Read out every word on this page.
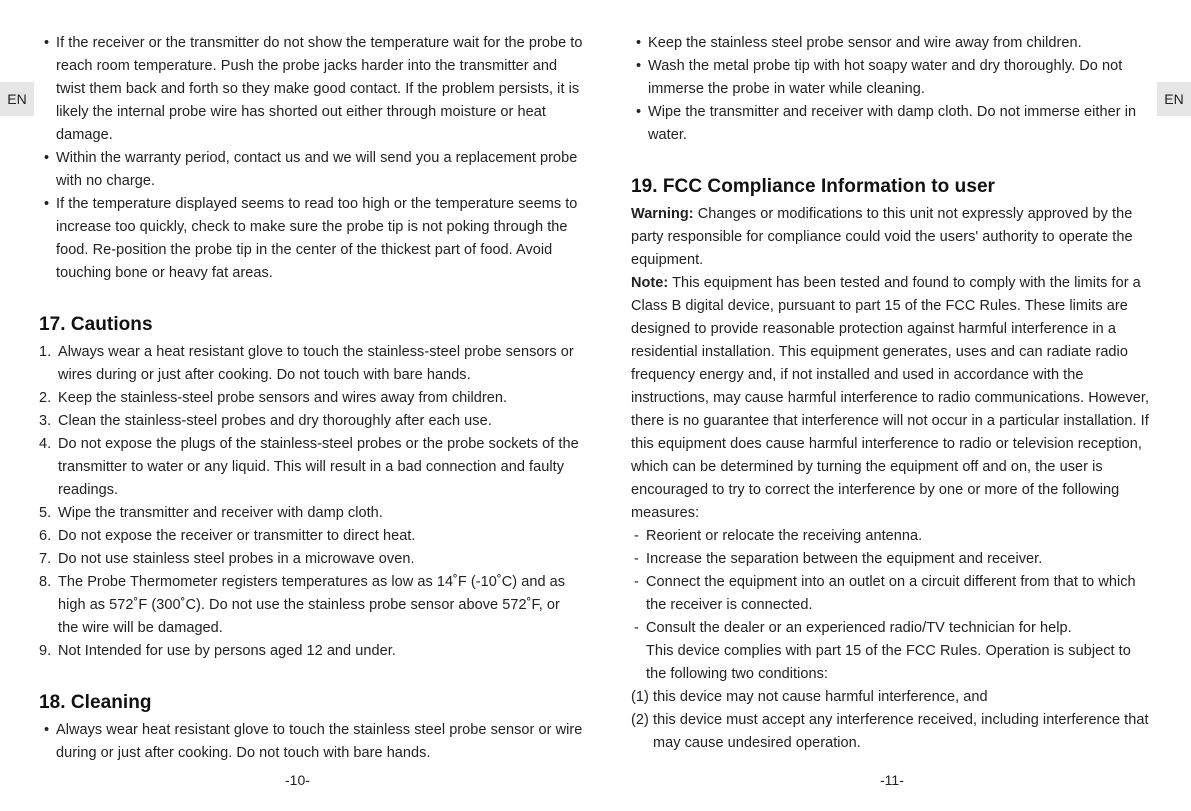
EN	EN
• If the receiver or the transmitter do not show the temperature wait for the probe to reach room temperature. Push the probe jacks harder into the transmitter and twist them back and forth so they make good contact. If the problem persists, it is likely the internal probe wire has shorted out either through moisture or heat damage.
• Within the warranty period, contact us and we will send you a replacement probe with no charge.
• If the temperature displayed seems to read too high or the temperature seems to increase too quickly, check to make sure the probe tip is not poking through the food. Re-position the probe tip in the center of the thickest part of food. Avoid touching bone or heavy fat areas.
17. Cautions
1. Always wear a heat resistant glove to touch the stainless-steel probe sensors or wires during or just after cooking. Do not touch with bare hands.
2. Keep the stainless-steel probe sensors and wires away from children.
3. Clean the stainless-steel probes and dry thoroughly after each use.
4. Do not expose the plugs of the stainless-steel probes or the probe sockets of the transmitter to water or any liquid. This will result in a bad connection and faulty readings.
5. Wipe the transmitter and receiver with damp cloth.
6. Do not expose the receiver or transmitter to direct heat.
7. Do not use stainless steel probes in a microwave oven.
8. The Probe Thermometer registers temperatures as low as 14˚F (-10˚C) and as high as 572˚F (300˚C). Do not use the stainless probe sensor above 572˚F, or the wire will be damaged.
9. Not Intended for use by persons aged 12 and under.
18. Cleaning
• Always wear heat resistant glove to touch the stainless steel probe sensor or wire during or just after cooking. Do not touch with bare hands.
-10-
• Keep the stainless steel probe sensor and wire away from children.
• Wash the metal probe tip with hot soapy water and dry thoroughly. Do not immerse the probe in water while cleaning.
• Wipe the transmitter and receiver with damp cloth. Do not immerse either in water.
19. FCC Compliance Information to user
Warning: Changes or modifications to this unit not expressly approved by the party responsible for compliance could void the users' authority to operate the equipment.
Note: This equipment has been tested and found to comply with the limits for a Class B digital device, pursuant to part 15 of the FCC Rules. These limits are designed to provide reasonable protection against harmful interference in a residential installation. This equipment generates, uses and can radiate radio frequency energy and, if not installed and used in accordance with the instructions, may cause harmful interference to radio communications. However, there is no guarantee that interference will not occur in a particular installation. If this equipment does cause harmful interference to radio or television reception, which can be determined by turning the equipment off and on, the user is encouraged to try to correct the interference by one or more of the following measures:
- Reorient or relocate the receiving antenna.
- Increase the separation between the equipment and receiver.
- Connect the equipment into an outlet on a circuit different from that to which the receiver is connected.
- Consult the dealer or an experienced radio/TV technician for help.
This device complies with part 15 of the FCC Rules. Operation is subject to the following two conditions:
(1) this device may not cause harmful interference, and
(2) this device must accept any interference received, including interference that may cause undesired operation.
-11-
